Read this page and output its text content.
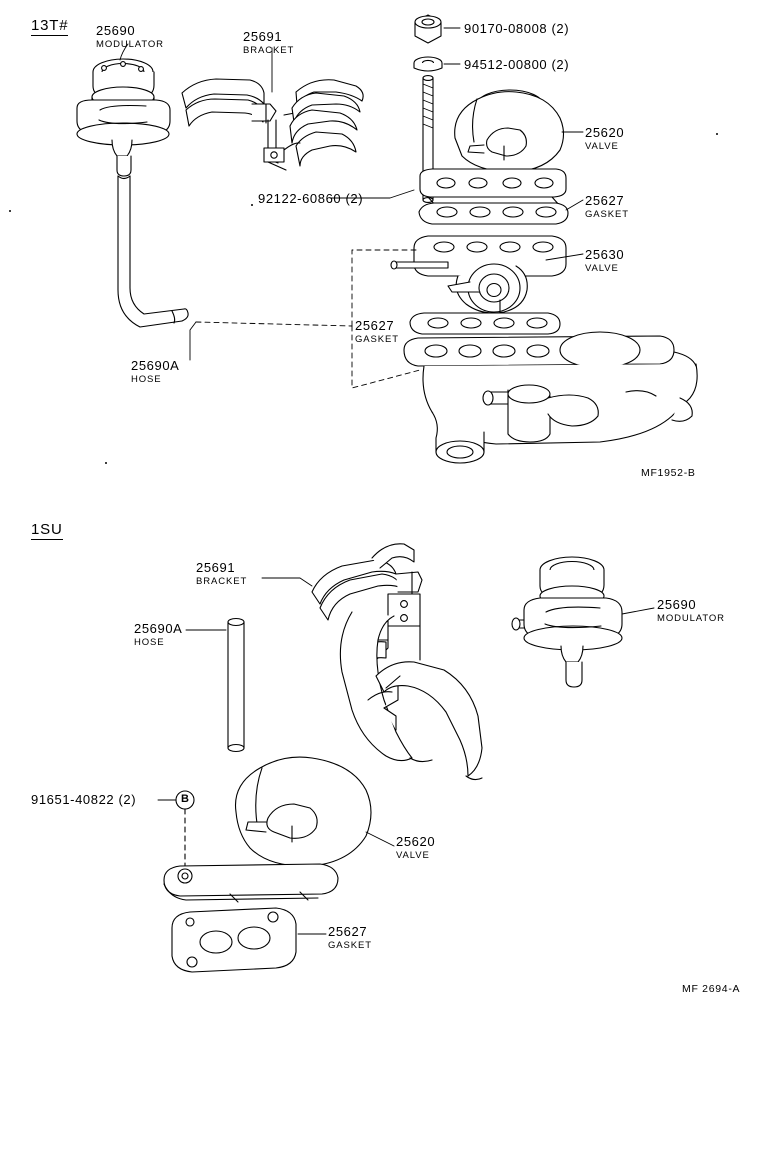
13T# 25690
MODULATOR
25691
BRACKET
90170-08008 (2)
94512-00800 (2)
25620
VALVE
25627
GASKET
25630
VALVE
92122-60860 (2)
25627
GASKET
25690A
HOSE
MF1952-B
1SU
25691
BRACKET
25690
MODULATOR
25690A
HOSE
91651-40822 (2)	B
25620
VALVE
25627
GASKET
MF 2694-A
